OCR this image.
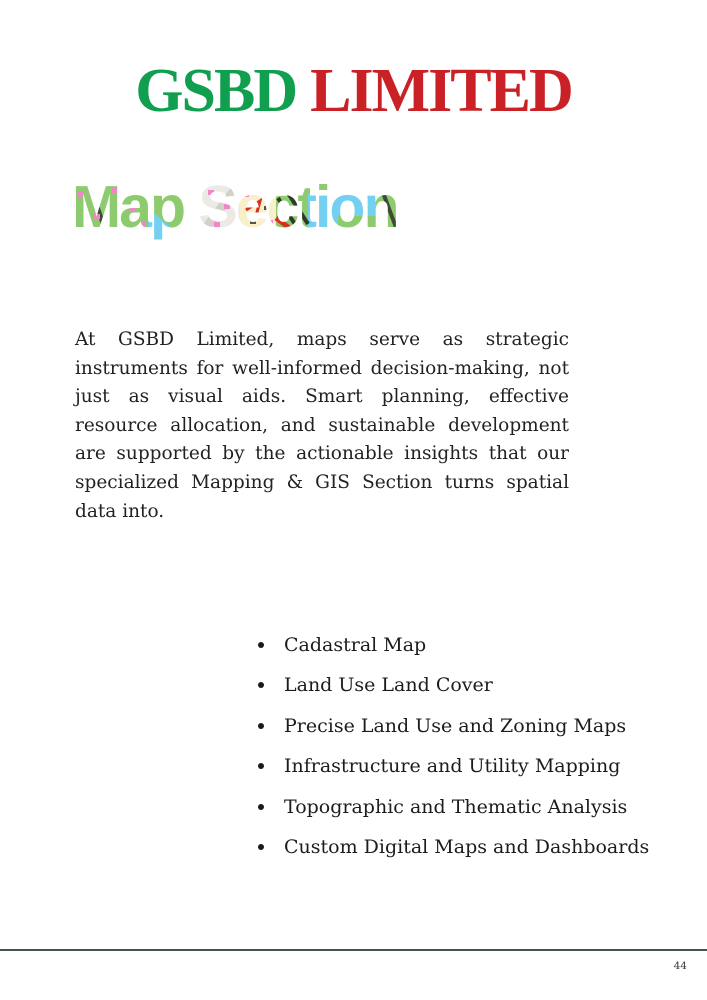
GSBD LIMITED

At GSBD Limited, maps serve as strategic instruments for well-informed decision-making, not just as visual aids. Smart planning, effective resource allocation, and sustainable development are supported by the actionable insights that our specialized Mapping & GIS Section turns spatial data into.

Cadastral Map
Land Use Land Cover
Precise Land Use and Zoning Maps
Infrastructure and Utility Mapping
Topographic and Thematic Analysis
Custom Digital Maps and Dashboards
44
